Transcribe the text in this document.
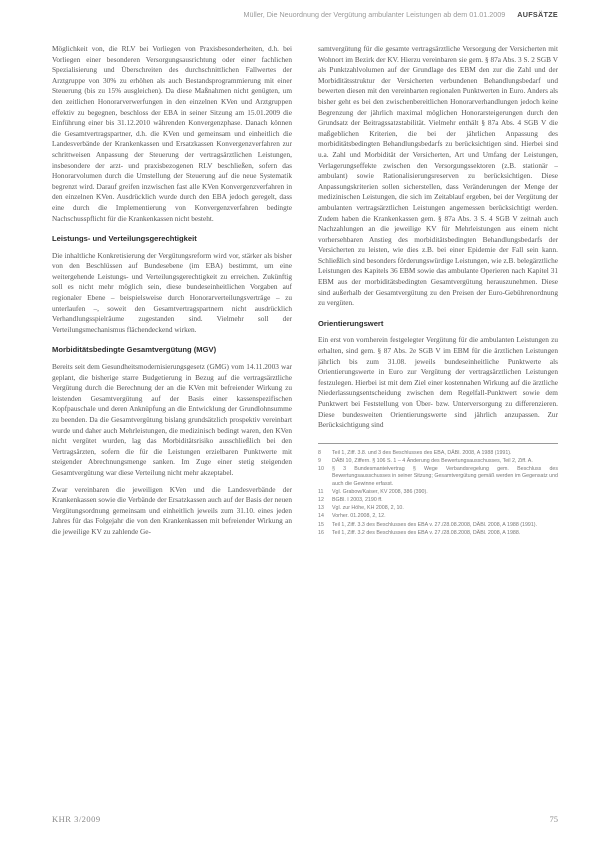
Müller, Die Neuordnung der Vergütung ambulanter Leistungen ab dem 01.01.2009 AUFSÄTZE

Möglichkeit von, die RLV bei Vorliegen von Praxisbesonderheiten, d.h. bei Vorliegen einer besonderen Versorgungsausrichtung oder einer fachlichen Spezialisierung und Überschreiten des durchschnittlichen Fallwertes der Arztgruppe von 30% zu erhöhen als auch Bestandsprogrammierung mit einer Steuerung (bis zu 15% ausgleichen). Da diese Maßnahmen nicht genügten, um den zeitlichen Honorarverwerfungen in den einzelnen KVen und Arztgruppen effektiv zu begegnen, beschloss der EBA in seiner Sitzung am 15.01.2009 die Einführung einer bis 31.12.2010 währenden Konvergenzphase. Danach können die Gesamtvertragspartner, d.h. die KVen und gemeinsam und einheitlich die Landesverbände der Krankenkassen und Ersatzkassen Konvergenzverfahren zur schrittweisen Anpassung der Steuerung der vertragsärztlichen Leistungen, insbesondere der arzt- und praxisbezogenen RLV beschließen, sofern das Honorarvolumen durch die Umstellung der Steuerung auf die neue Systematik begrenzt wird. Darauf greifen inzwischen fast alle KVen Konvergenzverfahren in den einzelnen KVen. Ausdrücklich wurde durch den EBA jedoch geregelt, dass eine durch die Implementierung von Konvergenzverfahren bedingte Nachschusspflicht für die Krankenkassen nicht besteht.

Leistungs- und Verteilungsgerechtigkeit

Die inhaltliche Konkretisierung der Vergütungsreform wird vor, stärker als bisher von den Beschlüssen auf Bundesebene (im EBA) bestimmt, um eine weitergehende Leistungs- und Verteilungsgerechtigkeit zu erreichen. Zukünftig soll es nicht mehr möglich sein, diese bundeseinheitlichen Vorgaben auf regionaler Ebene – beispielsweise durch Honorarverteilungsverträge – zu unterlaufen –, soweit den Gesamtvertragspartnern nicht ausdrücklich Verhandlungsspielräume zugestanden sind. Vielmehr soll der Verteilungsmechanismus flächendeckend wirken.

Morbiditätsbedingte Gesamtvergütung (MGV)

Bereits seit dem Gesundheitsmodernisierungsgesetz (GMG) vom 14.11.2003 war geplant, die bisherige starre Budgetierung in Bezug auf die vertragsärztliche Vergütung durch die Berechnung der an die KVen mit befreiender Wirkung zu leistenden Gesamtvergütung auf der Basis einer kassenspezifischen Kopfpauschale und deren Anknüpfung an die Entwicklung der Grundlohnsumme zu beenden. Da die Gesamtvergütung bislang grundsätzlich prospektiv vereinbart wurde und daher auch Mehrleistungen, die medizinisch bedingt waren, den KVen nicht vergütet wurden, lag das Morbiditätsrisiko ausschließlich bei den Vertragsärzten, sofern die für die Leistungen erzielbaren Punktwerte mit steigender Abrechnungsmenge sanken. Im Zuge einer stetig steigenden Gesamtvergütung war diese Verteilung nicht mehr akzeptabel.

Zwar vereinbaren die jeweiligen KVen und die Landesverbände der Krankenkassen sowie die Verbände der Ersatzkassen auch auf der Basis der neuen Vergütungsordnung gemeinsam und einheitlich jeweils zum 31.10. eines jeden Jahres für das Folgejahr die von den Krankenkassen mit befreiender Wirkung an die jeweilige KV zu zahlende Ge-

samtvergütung für die gesamte vertragsärztliche Versorgung der Versicherten mit Wohnort im Bezirk der KV. Hierzu vereinbaren sie gem. § 87a Abs. 3 S. 2 SGB V als Punktzahlvolumen auf der Grundlage des EBM den zur die Zahl und der Morbiditätsstruktur der Versicherten verbundenen Behandlungsbedarf und bewerten diesen mit den vereinbarten regionalen Punktwerten in Euro. Anders als bisher geht es bei den zwischenbereitlichen Honorarverhandlungen jedoch keine Begrenzung der jährlich maximal möglichen Honorarsteigerungen durch den Grundsatz der Beitragssatzstabilität. Vielmehr enthält § 87a Abs. 4 SGB V die maßgeblichen Kriterien, die bei der jährlichen Anpassung des morbiditätsbedingten Behandlungsbedarfs zu berücksichtigen sind. Hierbei sind u.a. Zahl und Morbidität der Versicherten, Art und Umfang der Leistungen, Verlagerungseffekte zwischen den Versorgungssektoren (z.B. stationär – ambulant) sowie Rationalisierungsreserven zu berücksichtigen. Diese Anpassungskriterien sollen sicherstellen, dass Veränderungen der Menge der medizinischen Leistungen, die sich im Zeitablauf ergeben, bei der Vergütung der ambulanten vertragsärztlichen Leistungen angemessen berücksichtigt werden. Zudem haben die Krankenkassen gem. § 87a Abs. 3 S. 4 SGB V zeitnah auch Nachzahlungen an die jeweilige KV für Mehrleistungen aus einem nicht vorhersehbaren Anstieg des morbiditätsbedingten Behandlungsbedarfs der Versicherten zu leisten, wie dies z.B. bei einer Epidemie der Fall sein kann. Schließlich sind besonders förderungswürdige Leistungen, wie z.B. belegärztliche Leistungen des Kapitels 36 EBM sowie das ambulante Operieren nach Kapitel 31 EBM aus der morbiditätsbedingten Gesamtvergütung herauszunehmen. Diese sind außerhalb der Gesamtvergütung zu den Preisen der Euro-Gebührenordnung zu vergüten.

Orientierungswert

Ein erst von vornherein festgelegter Vergütung für die ambulanten Leistungen zu erhalten, sind gem. § 87 Abs. 2e SGB V im EBM für die ärztlichen Leistungen jährlich bis zum 31.08. jeweils bundeseinheitliche Punktwerte als Orientierungswerte in Euro zur Vergütung der vertragsärztlichen Leistungen festzulegen. Hierbei ist mit dem Ziel einer kostennahen Wirkung auf die ärztliche Niederlassungsentscheidung zwischen dem Regelfall-Punktwert sowie dem Punktwert bei Feststellung von Über- bzw. Unterversorgung zu differenzieren. Diese bundesweiten Orientierungswerte sind jährlich anzupassen. Zur Berücksichtigung sind

8	Teil 1, Ziff. 3.8. und 3 des Beschlusses des EBA, DÄBl. 2008, A 1988 (1991).
9	DÄBl 10, Ziffern. § 106 S. 1 – 4 Änderung des Bewertungsausschusses, Teil 2, Ziff. A.
10	§ 3 Bundesmantelvertrag § Wege Verbandsregelung gem. Beschluss des Bewertungsausschusses in seiner Sitzung; Gesamtvergütung gemäß werden im Gegensatz und auch die Gewinne erfasst.
11	Vgl. Grabow/Kaiser, KV 2008, 386 (390).
12	BGBl. I 2003, 2190 ff.
13	Vgl. zur Höhe, KH 2008, 2, 10.
14	Vorher. 01.2008, 2, 12.
15	Teil 1, Ziff. 3.3 des Beschlusses des EBA v. 27./28.08.2008, DÄBl. 2008, A 1988 (1991).
16	Teil 1, Ziff. 3.2 des Beschlusses des EBA v. 27./28.08.2008, DÄBl. 2008, A 1988.
KHR 3/2009	75
